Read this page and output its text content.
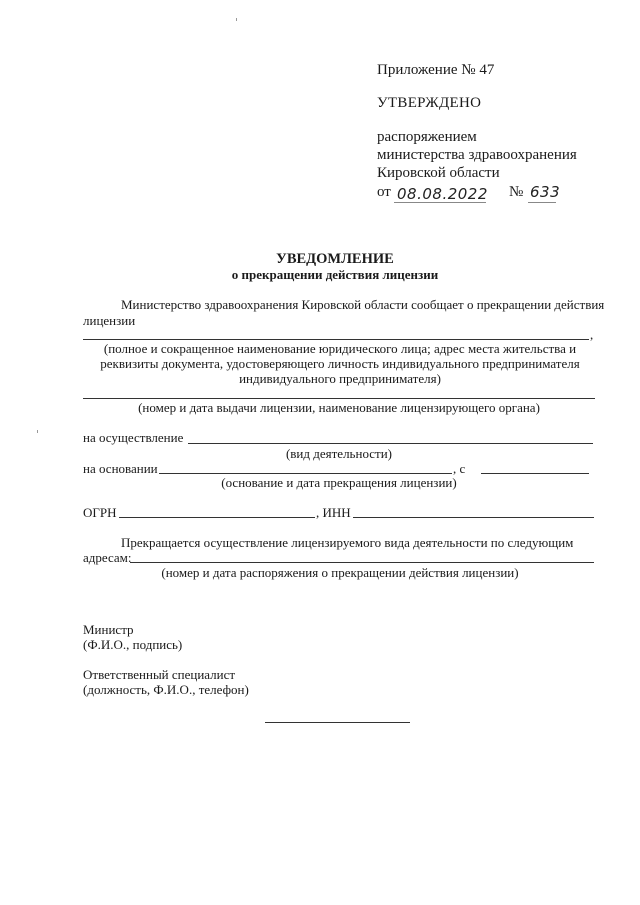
Приложение № 47
УТВЕРЖДЕНО
распоряжением
министерства здравоохранения
Кировской области
от 08.08.2022 № 633
УВЕДОМЛЕНИЕ
о прекращении действия лицензии
Министерство здравоохранения Кировской области сообщает о прекращении действия
лицензии
,
(полное и сокращенное наименование юридического лица; адрес места жительства и
реквизиты документа, удостоверяющего личность индивидуального предпринимателя
индивидуального предпринимателя)
(номер и дата выдачи лицензии, наименование лицензирующего органа)
на осуществление
(вид деятельности)
на основании	, с
(основание и дата прекращения лицензии)
ОГРН	, ИНН
Прекращается осуществление лицензируемого вида деятельности по следующим
адресам:
(номер и дата распоряжения о прекращении действия лицензии)
Министр
(Ф.И.О., подпись)
Ответственный специалист
(должность, Ф.И.О., телефон)
